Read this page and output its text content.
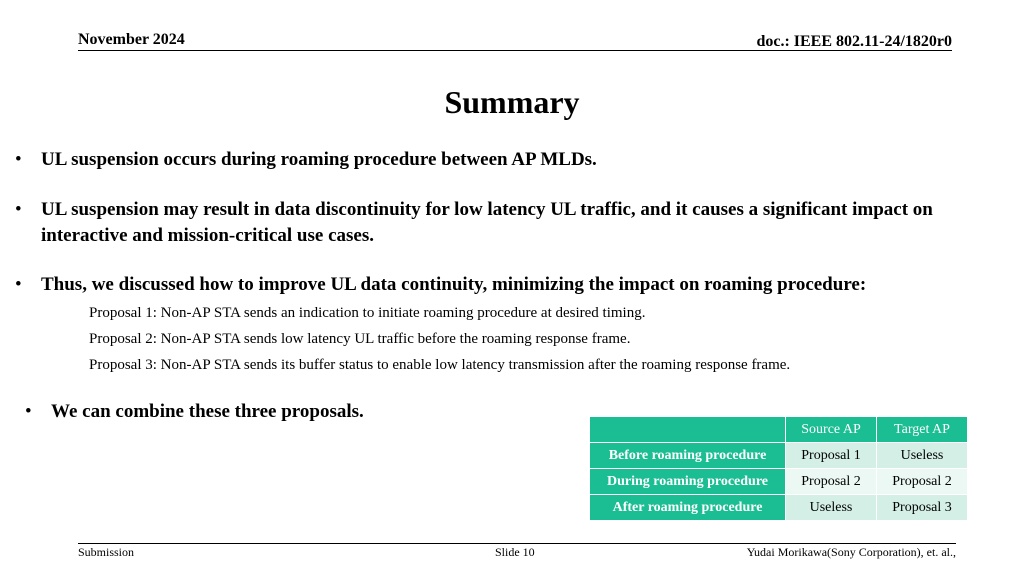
November 2024	doc.: IEEE 802.11-24/1820r0
Summary
• UL suspension occurs during roaming procedure between AP MLDs.
• UL suspension may result in data discontinuity for low latency UL traffic, and it causes a significant impact on interactive and mission-critical use cases.
• Thus, we discussed how to improve UL data continuity, minimizing the impact on roaming procedure:
Proposal 1: Non-AP STA sends an indication to initiate roaming procedure at desired timing.
Proposal 2: Non-AP STA sends low latency UL traffic before the roaming response frame.
Proposal 3: Non-AP STA sends its buffer status to enable low latency transmission after the roaming response frame.
• We can combine these three proposals.
	Source AP	Target AP
Before roaming procedure	Proposal 1	Useless
During roaming procedure	Proposal 2	Proposal 2
After roaming procedure	Useless	Proposal 3
Submission	Slide 10	Yudai Morikawa(Sony Corporation), et. al.,
